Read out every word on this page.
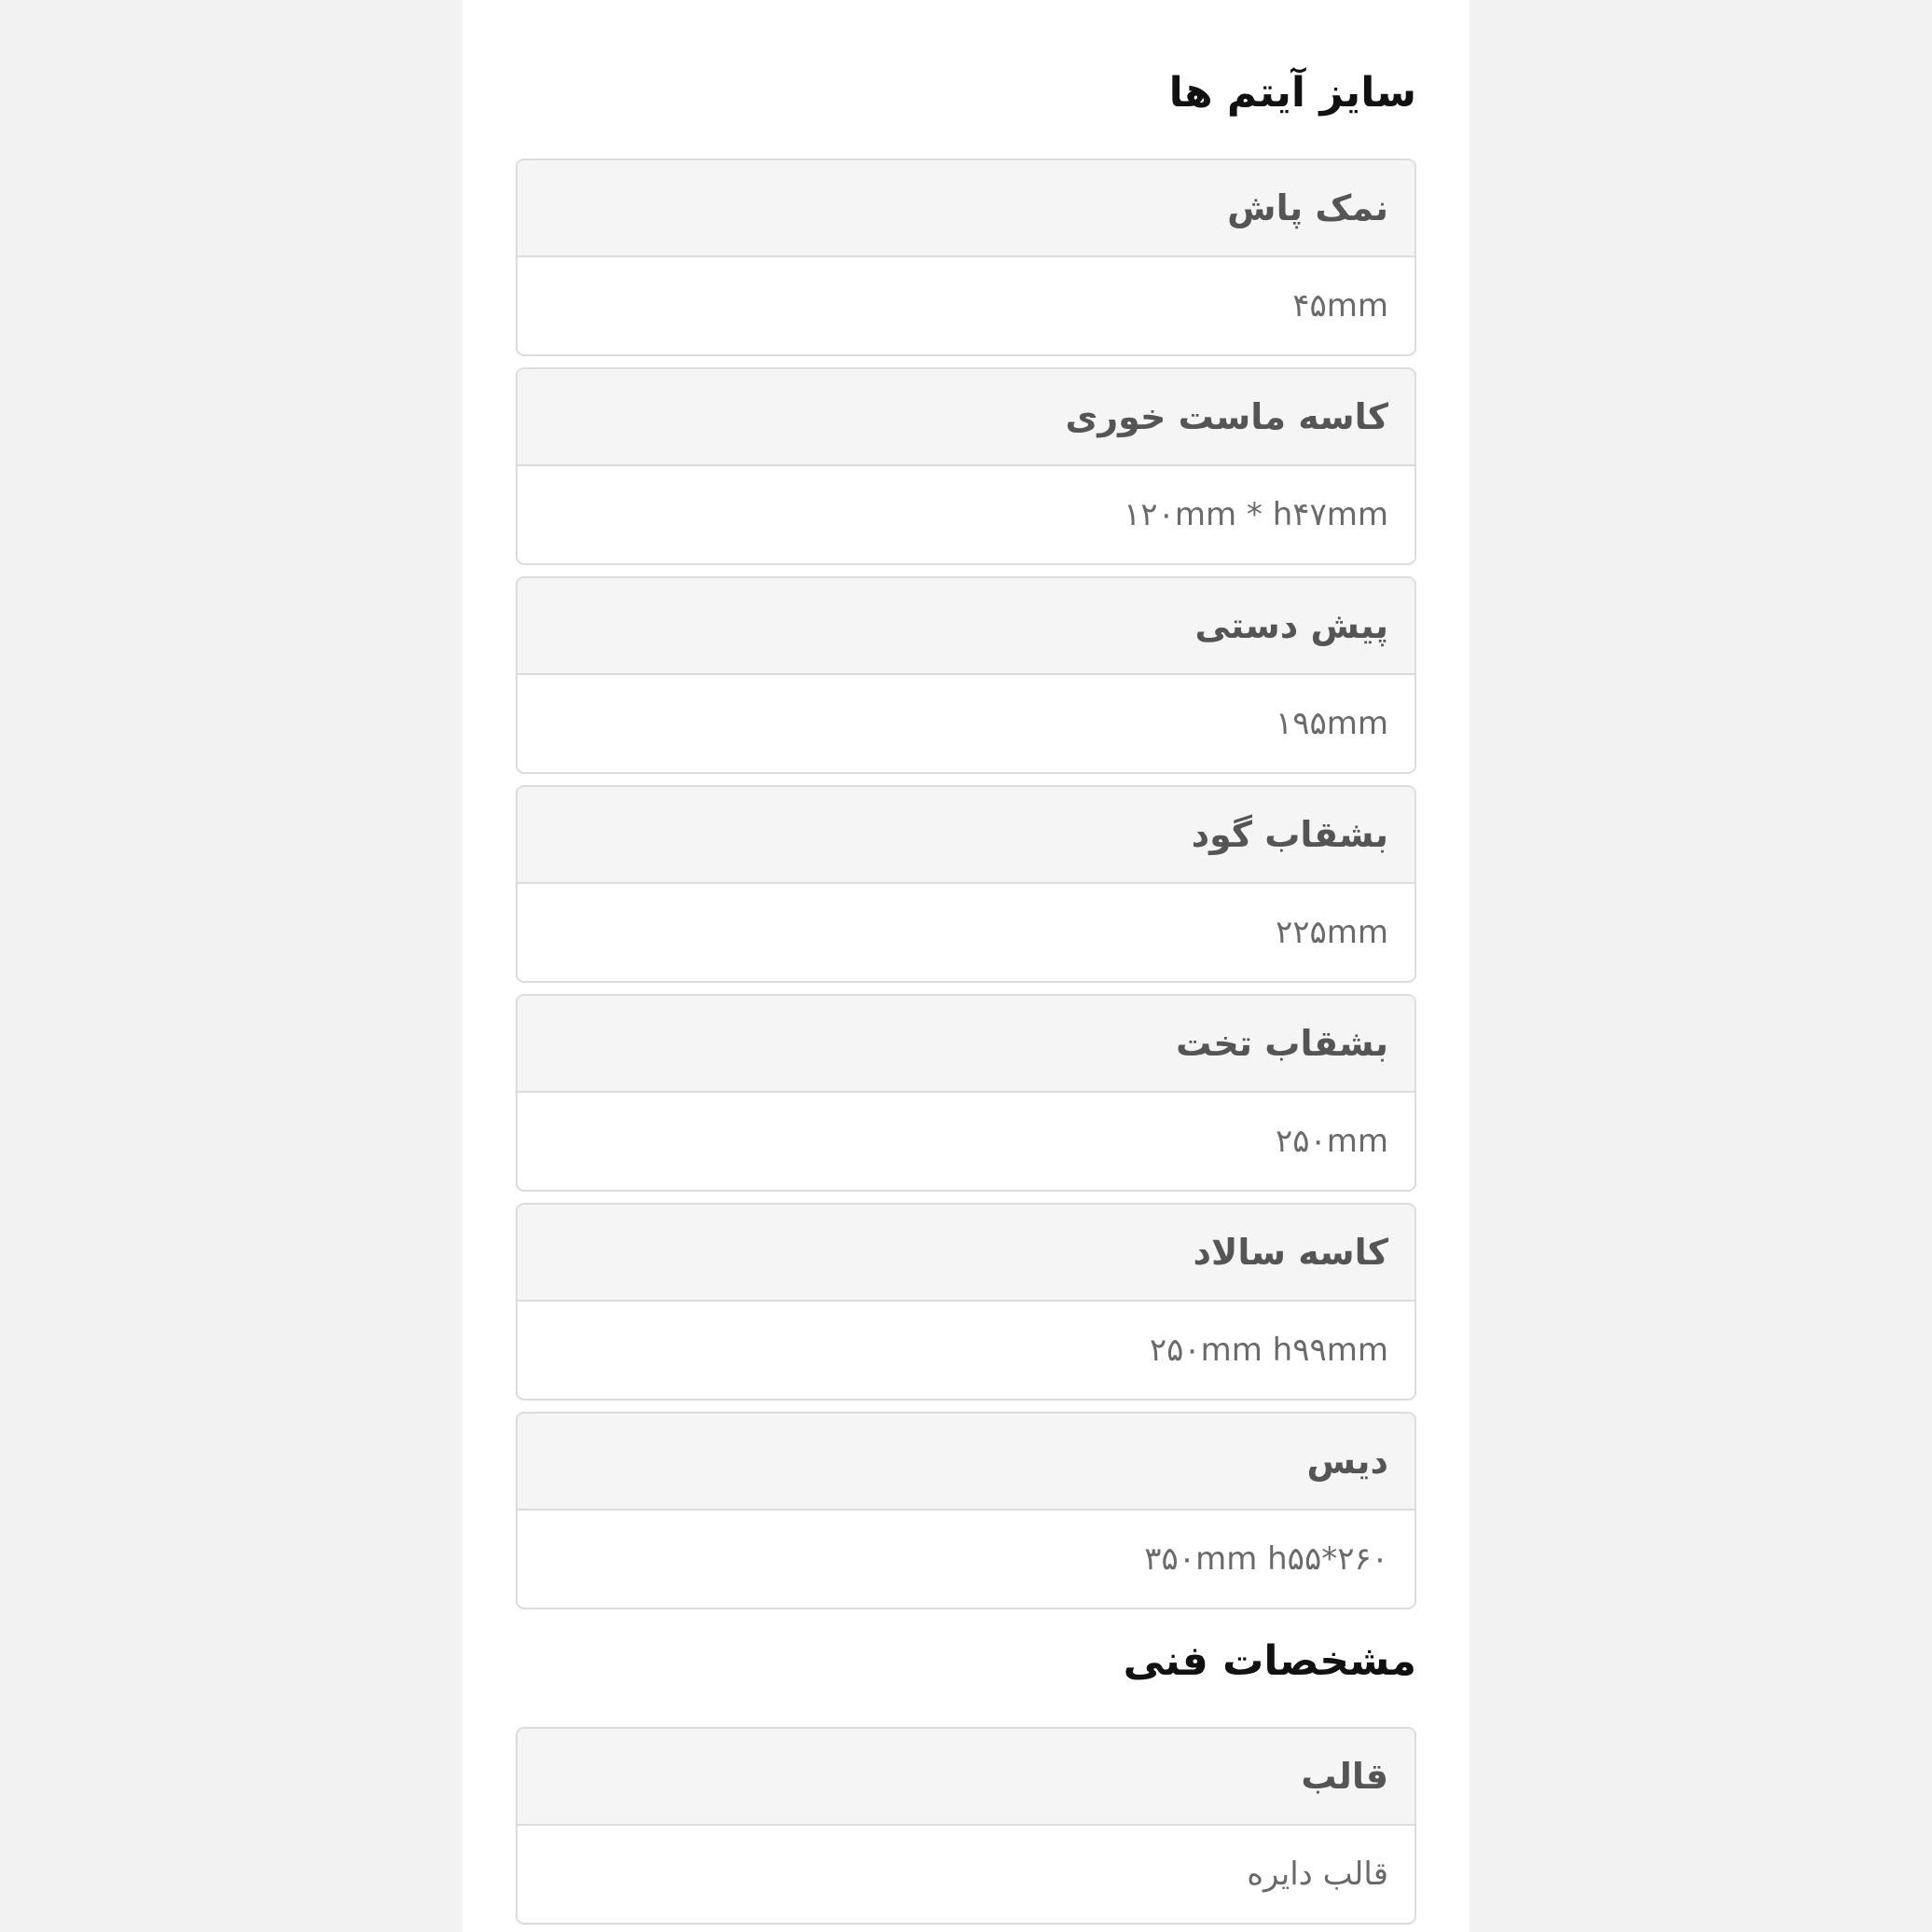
سایز آیتم ها
نمک پاش
۴۵mm
کاسه ماست خوری
۱۲۰mm * h۴۷mm
پیش دستی
۱۹۵mm
بشقاب گود
۲۲۵mm
بشقاب تخت
۲۵۰mm
کاسه سالاد
۲۵۰mm h۹۹mm
دیس
۳۵۰mm h۵۵*۲۶۰
مشخصات فنی
قالب
قالب دایره
